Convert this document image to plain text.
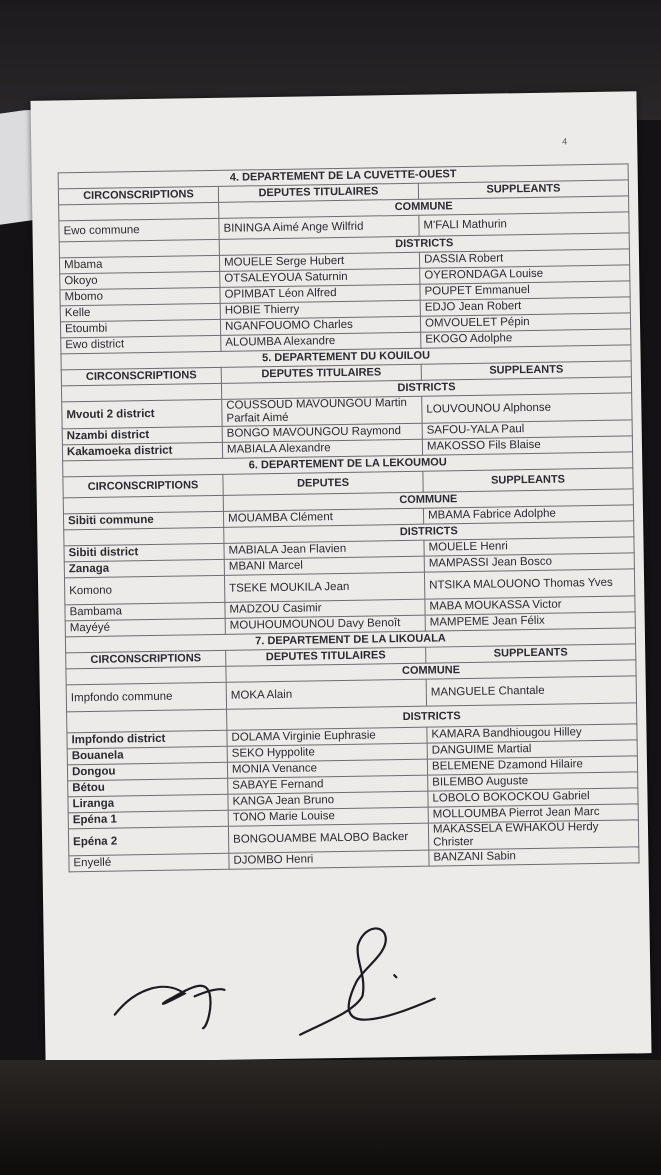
4
4. DEPARTEMENT DE LA CUVETTE-OUEST		
CIRCONSCRIPTIONS	DEPUTES TITULAIRES	SUPPLEANTS
	COMMUNE	
Ewo commune	BININGA Aimé Ange Wilfrid	M'FALI Mathurin
	DISTRICTS	
Mbama	MOUELE Serge Hubert	DASSIA Robert
Okoyo	OTSALEYOUA Saturnin	OYERONDAGA Louise
Mbomo	OPIMBAT Léon Alfred	POUPET Emmanuel
Kelle	HOBIE Thierry	EDJO Jean Robert
Etoumbi	NGANFOUOMO Charles	OMVOUELET Pépin
Ewo district	ALOUMBA Alexandre	EKOGO Adolphe
5. DEPARTEMENT DU KOUILOU		
CIRCONSCRIPTIONS	DEPUTES TITULAIRES	SUPPLEANTS
	DISTRICTS	
Mvouti 2 district	COUSSOUD MAVOUNGOU Martin Parfait Aimé	LOUVOUNOU Alphonse
Nzambi district	BONGO MAVOUNGOU Raymond	SAFOU-YALA Paul
Kakamoeka district	MABIALA Alexandre	MAKOSSO Fils Blaise
6. DEPARTEMENT DE LA LEKOUMOU		
CIRCONSCRIPTIONS	DEPUTES	SUPPLEANTS
	COMMUNE	
Sibiti commune	MOUAMBA Clément	MBAMA Fabrice Adolphe
	DISTRICTS	
Sibiti district	MABIALA Jean Flavien	MOUELE Henri
Zanaga	MBANI Marcel	MAMPASSI Jean Bosco
Komono	TSEKE MOUKILA Jean	NTSIKA MALOUONO Thomas Yves
Bambama	MADZOU Casimir	MABA MOUKASSA Victor
Mayéyé	MOUHOUMOUNOU Davy Benoît	MAMPEME Jean Félix
7. DEPARTEMENT DE LA LIKOUALA		
CIRCONSCRIPTIONS	DEPUTES TITULAIRES	SUPPLEANTS
	COMMUNE	
Impfondo commune	MOKA Alain	MANGUELE Chantale
	DISTRICTS	
Impfondo district	DOLAMA Virginie Euphrasie	KAMARA Bandhiougou Hilley
Bouanela	SEKO Hyppolite	DANGUIME Martial
Dongou	MONIA Venance	BELEMENE Dzamond Hilaire
Bétou	SABAYE Fernand	BILEMBO Auguste
Liranga	KANGA Jean Bruno	LOBOLO BOKOCKOU Gabriel
Epéna 1	TONO Marie Louise	MOLLOUMBA Pierrot Jean Marc
Epéna 2	BONGOUAMBE MALOBO Backer	MAKASSELA EWHAKOU Herdy Christer
Enyellé	DJOMBO Henri	BANZANI Sabin
